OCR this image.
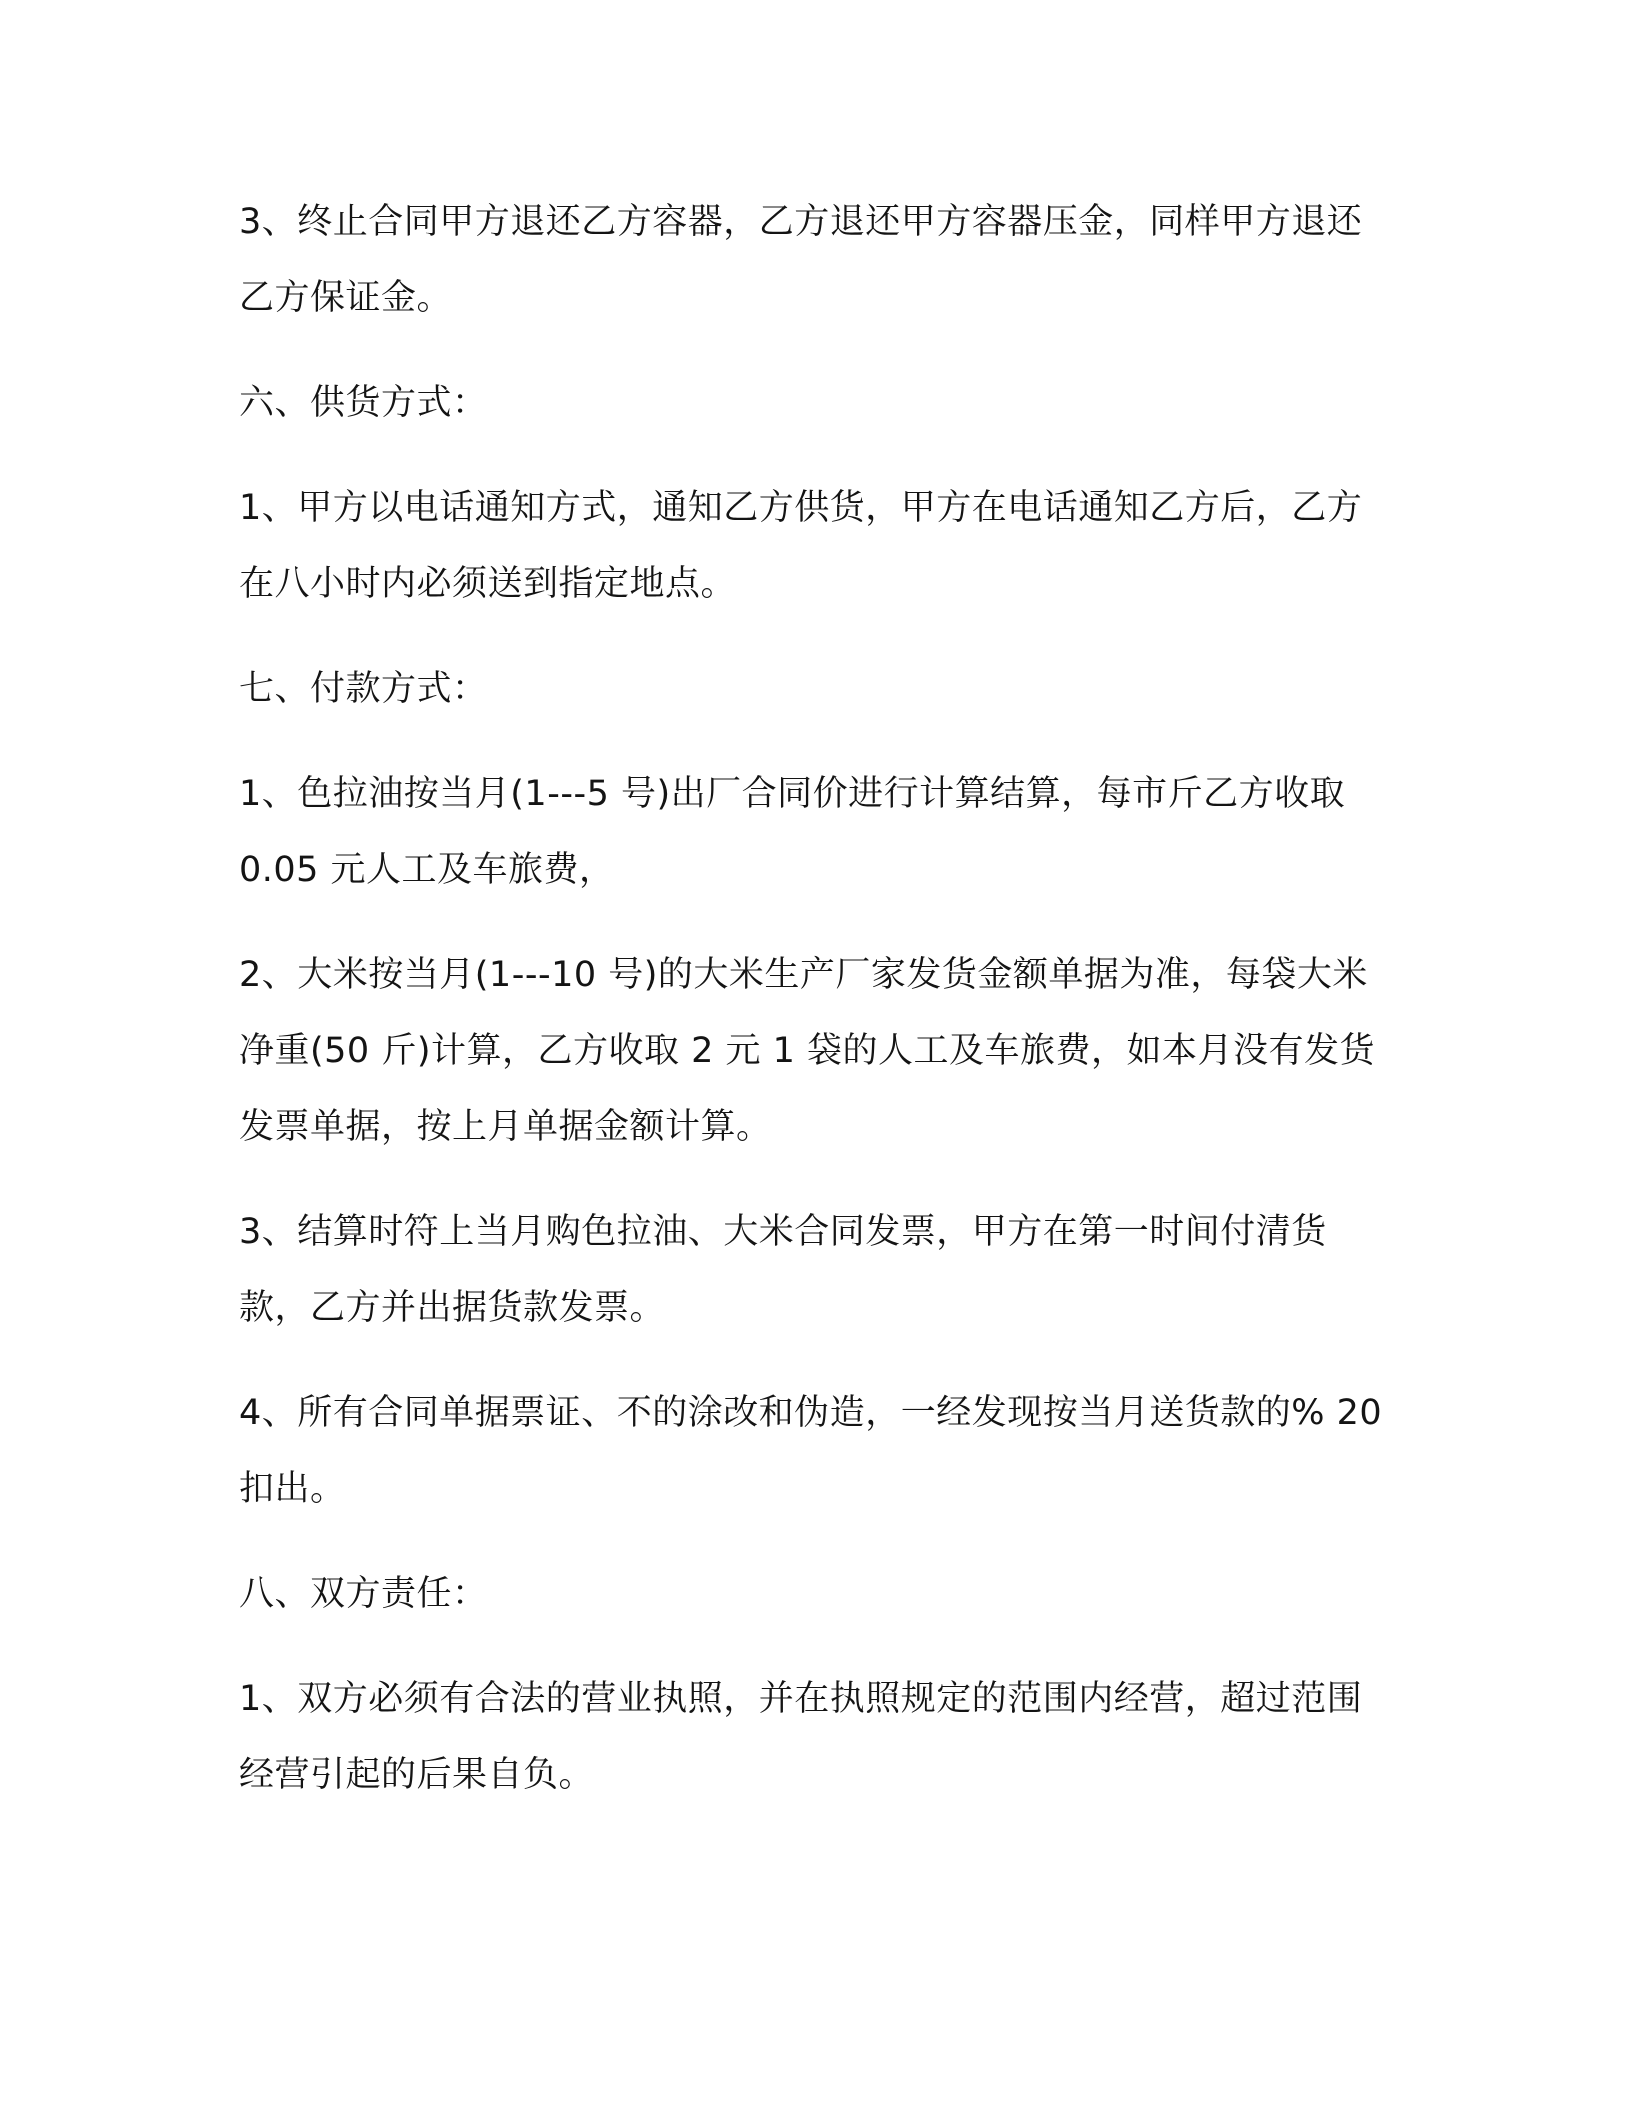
3、终止合同甲方退还乙方容器，乙方退还甲方容器压金，同样甲方退还乙方保证金。

六、供货方式：

1、甲方以电话通知方式，通知乙方供货，甲方在电话通知乙方后，乙方在八小时内必须送到指定地点。

七、付款方式：

1、色拉油按当月(1---5 号)出厂合同价进行计算结算，每市斤乙方收取 0.05 元人工及车旅费，

2、大米按当月(1---10 号)的大米生产厂家发货金额单据为准，每袋大米净重(50 斤)计算，乙方收取 2 元 1 袋的人工及车旅费，如本月没有发货发票单据，按上月单据金额计算。

3、结算时符上当月购色拉油、大米合同发票，甲方在第一时间付清货款，乙方并出据货款发票。

4、所有合同单据票证、不的涂改和伪造，一经发现按当月送货款的% 20 扣出。

八、双方责任：

1、双方必须有合法的营业执照，并在执照规定的范围内经营，超过范围经营引起的后果自负。
